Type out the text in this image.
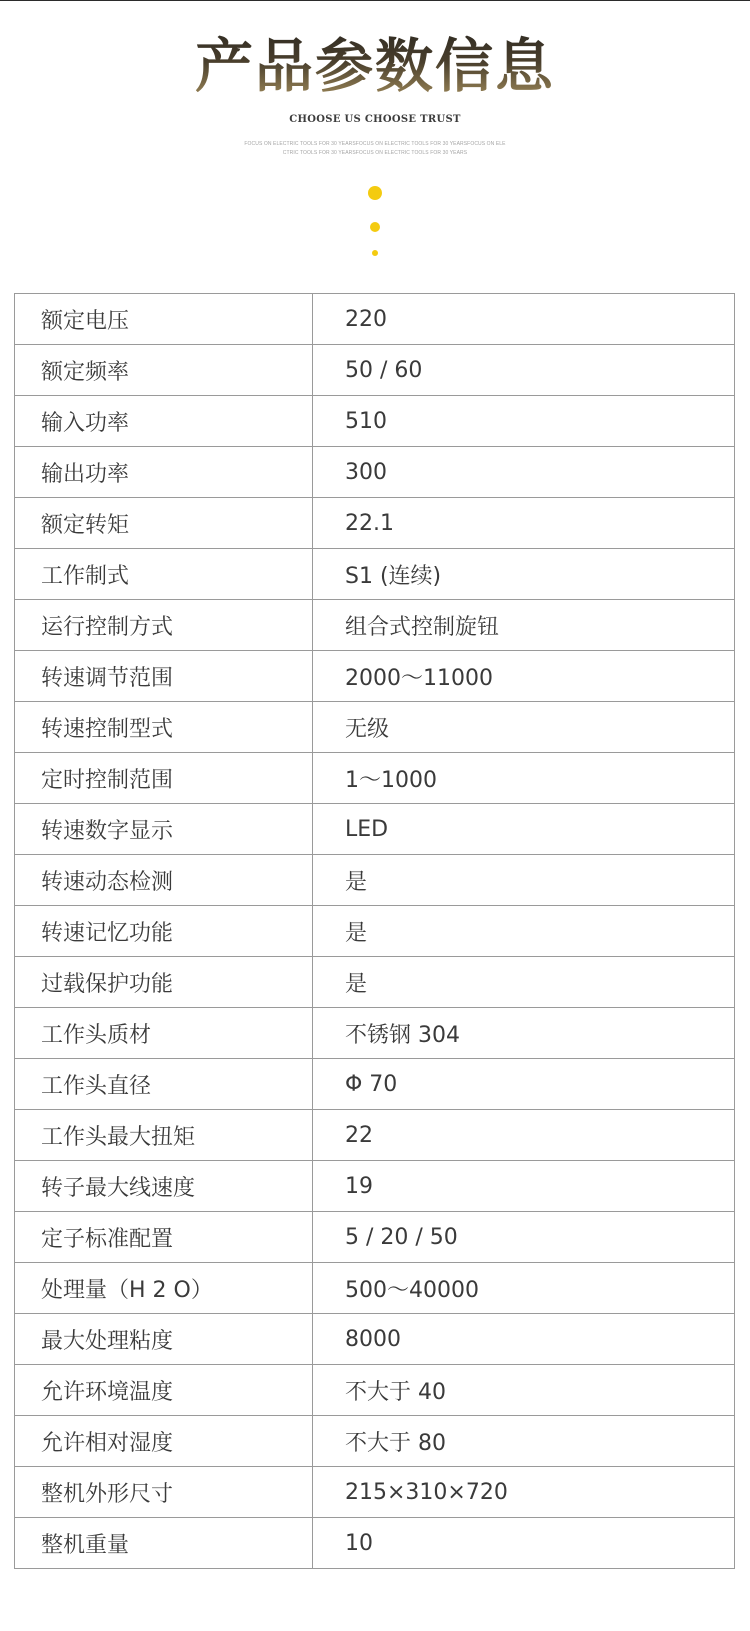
产品参数信息
CHOOSE US CHOOSE TRUST
FOCUS ON ELECTRIC TOOLS FOR 30 YEARSFOCUS ON ELECTRIC TOOLS FOR 30 YEARSFOCUS ON ELE
CTRIC TOOLS FOR 30 YEARSFOCUS ON ELECTRIC TOOLS FOR 30 YEARS
额定电压	220
额定频率	50 / 60
输入功率	510
输出功率	300
额定转矩	22.1
工作制式	S1 (连续)
运行控制方式	组合式控制旋钮
转速调节范围	2000～11000
转速控制型式	无级
定时控制范围	1～1000
转速数字显示	LED
转速动态检测	是
转速记忆功能	是
过载保护功能	是
工作头质材	不锈钢 304
工作头直径	Φ 70
工作头最大扭矩	22
转子最大线速度	19
定子标准配置	5 / 20 / 50
处理量（H 2 O）	500～40000
最大处理粘度	8000
允许环境温度	不大于 40
允许相对湿度	不大于 80
整机外形尺寸	215×310×720
整机重量	10
